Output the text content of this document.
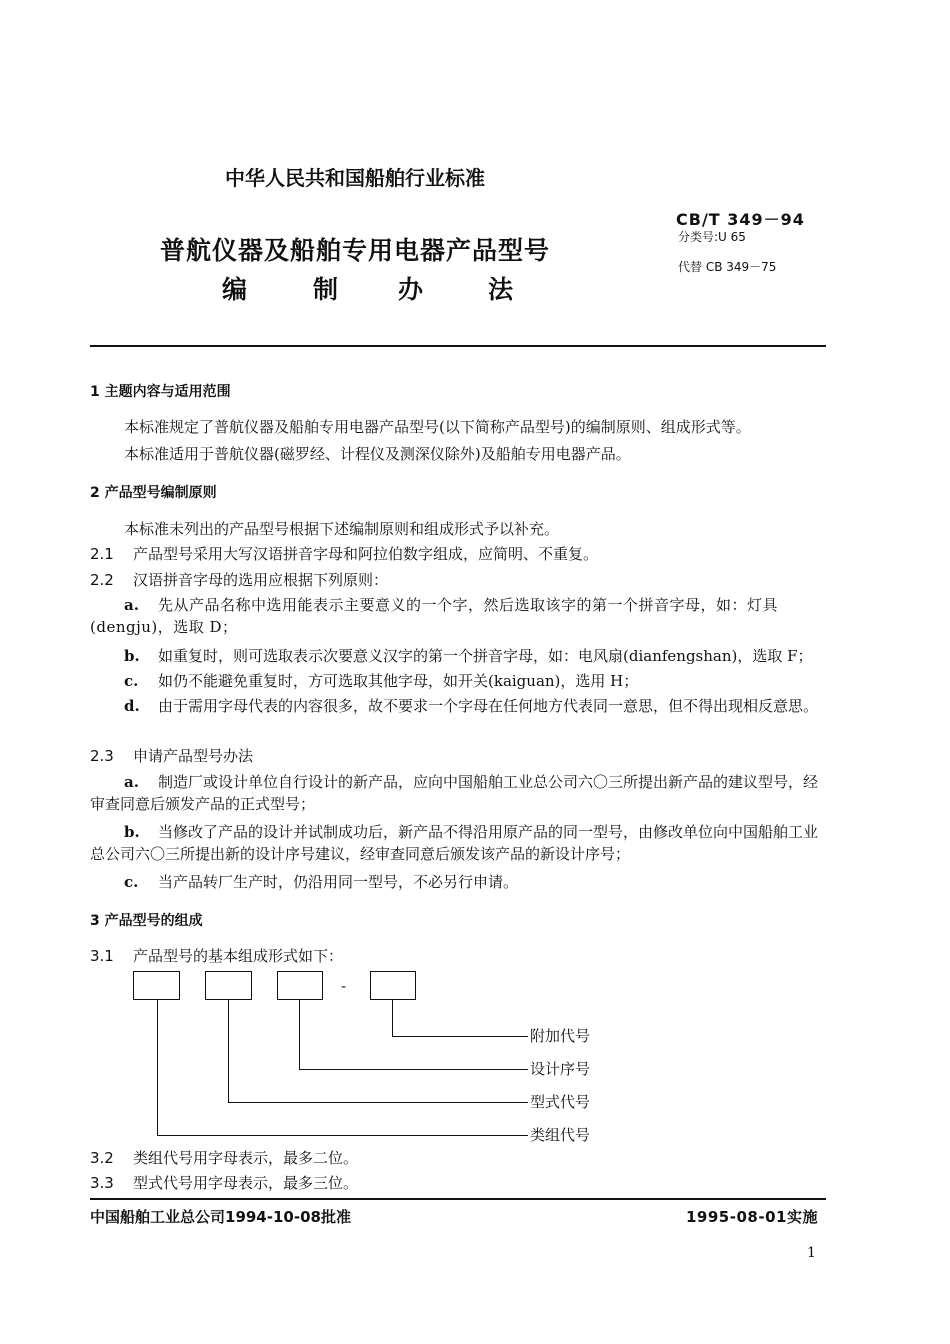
中华人民共和国船舶行业标准
CB/T 349－94
分类号:U 65
代替 CB 349－75
普航仪器及船舶专用电器产品型号
编	制 办	法
1 主题内容与适用范围
本标准规定了普航仪器及船舶专用电器产品型号(以下简称产品型号)的编制原则、组成形式等。
本标准适用于普航仪器(磁罗经、计程仪及测深仪除外)及船舶专用电器产品。
2 产品型号编制原则
本标准未列出的产品型号根据下述编制原则和组成形式予以补充。
2.1 产品型号采用大写汉语拼音字母和阿拉伯数字组成，应简明、不重复。
2.2 汉语拼音字母的选用应根据下列原则：
a.	先从产品名称中选用能表示主要意义的一个字，然后选取该字的第一个拼音字母，如：灯具(dengju)，选取 D；
b. 如重复时，则可选取表示次要意义汉字的第一个拼音字母，如：电风扇(dianfengshan)，选取 F；
c. 如仍不能避免重复时，方可选取其他字母，如开关(kaiguan)，选用 H；
d.	由于需用字母代表的内容很多，故不要求一个字母在任何地方代表同一意思，但不得出现相反意思。
2.3 申请产品型号办法
a.	制造厂或设计单位自行设计的新产品，应向中国船舶工业总公司六〇三所提出新产品的建议型号，经审查同意后颁发产品的正式型号；
b.	当修改了产品的设计并试制成功后，新产品不得沿用原产品的同一型号，由修改单位向中国船舶工业总公司六〇三所提出新的设计序号建议，经审查同意后颁发该产品的新设计序号；
c. 当产品转厂生产时，仍沿用同一型号，不必另行申请。
3 产品型号的组成
3.1 产品型号的基本组成形式如下：
-
附加代号
设计序号
型式代号
类组代号
3.2 类组代号用字母表示，最多二位。
3.3 型式代号用字母表示，最多三位。
中国船舶工业总公司1994-10-08批准	1995-08-01实施
1
